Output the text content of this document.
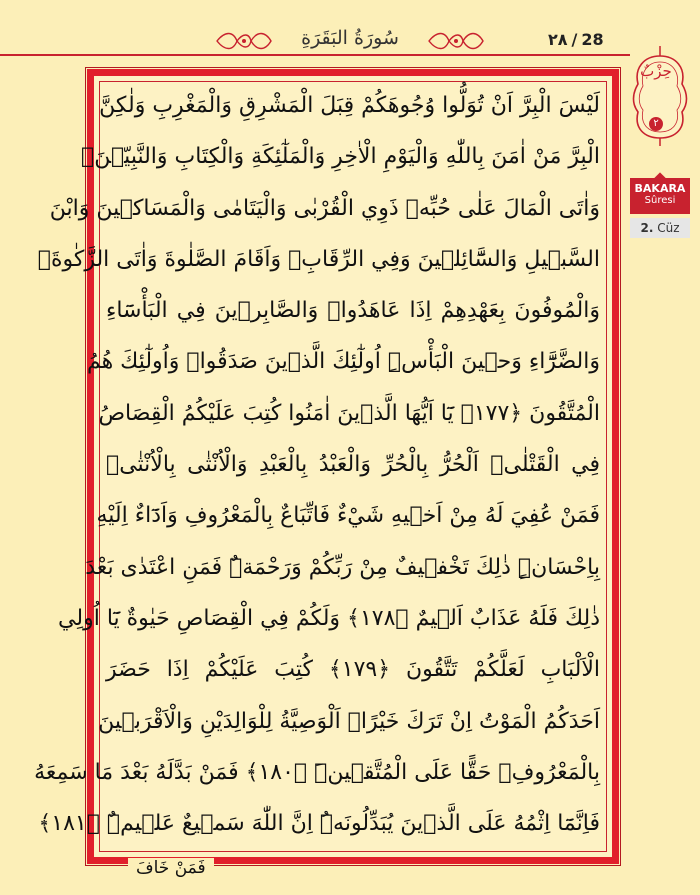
سُورَةُ البَقَرَةِ	٢٨ / 28
لَيْسَ الْبِرَّ اَنْ تُوَلُّوا وُجُوهَكُمْ قِبَلَ الْمَشْرِقِ وَالْمَغْرِبِ وَلٰكِنَّ
الْبِرَّ مَنْ اٰمَنَ بِاللّٰهِ وَالْيَوْمِ الْاٰخِرِ وَالْمَلٰٓئِكَةِ وَالْكِتَابِ وَالنَّبِيّٖنَۚ
وَاٰتَى الْمَالَ عَلٰى حُبِّهٖ ذَوِي الْقُرْبٰى وَالْيَتَامٰى وَالْمَسَاكٖينَ وَابْنَ
السَّبٖيلِ وَالسَّٓائِلٖينَ وَفِي الرِّقَابِۚ وَاَقَامَ الصَّلٰوةَ وَاٰتَى الزَّكٰوةَۚ
وَالْمُوفُونَ بِعَهْدِهِمْ اِذَا عَاهَدُواۚ وَالصَّابِرٖينَ فِي الْبَأْسَٓاءِ
وَالضَّرَّٓاءِ وَحٖينَ الْبَأْسِۜ اُولٰٓئِكَ الَّذٖينَ صَدَقُواۜ وَاُولٰٓئِكَ هُمُ
الْمُتَّقُونَ ﴿١٧٧﴾ يَٓا اَيُّهَا الَّذٖينَ اٰمَنُوا كُتِبَ عَلَيْكُمُ الْقِصَاصُ
فِي الْقَتْلٰىۜ اَلْحُرُّ بِالْحُرِّ وَالْعَبْدُ بِالْعَبْدِ وَالْاُنْثٰى بِالْاُنْثٰىۜ
فَمَنْ عُفِيَ لَهُ مِنْ اَخٖيهِ شَيْءٌ فَاتِّبَاعٌ بِالْمَعْرُوفِ وَاَدَٓاءٌ اِلَيْهِ
بِاِحْسَانٍۜ ذٰلِكَ تَخْفٖيفٌ مِنْ رَبِّكُمْ وَرَحْمَةٌۜ فَمَنِ اعْتَدٰى بَعْدَ
ذٰلِكَ فَلَهُ عَذَابٌ اَلٖيمٌ ﴿١٧٨﴾ وَلَكُمْ فِي الْقِصَاصِ حَيٰوةٌ يَٓا اُولِي
الْاَلْبَابِ لَعَلَّكُمْ تَتَّقُونَ ﴿١٧٩﴾ كُتِبَ عَلَيْكُمْ اِذَا حَضَرَ
اَحَدَكُمُ الْمَوْتُ اِنْ تَرَكَ خَيْرًاۚ اَلْوَصِيَّةُ لِلْوَالِدَيْنِ وَالْاَقْرَبٖينَ
بِالْمَعْرُوفِۚ حَقًّا عَلَى الْمُتَّقٖينَۜ ﴿١٨٠﴾ فَمَنْ بَدَّلَهُ بَعْدَ مَا سَمِعَهُ
فَاِنَّمَٓا اِثْمُهُ عَلَى الَّذٖينَ يُبَدِّلُونَهُۜ اِنَّ اللّٰهَ سَمٖيعٌ عَلٖيمٌۜ ﴿١٨١﴾
فَمَنْ خَافَ
حِزْبٌ
٢
BAKARA
Sûresi
2. Cüz
